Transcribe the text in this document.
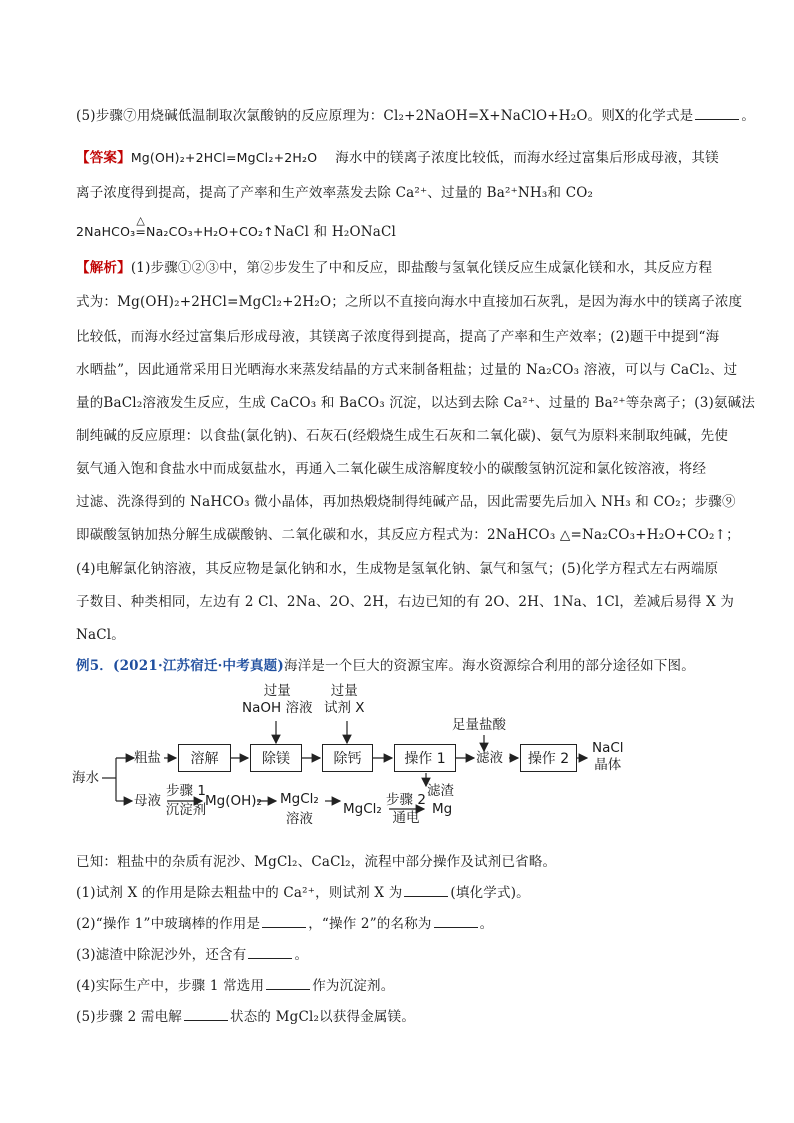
(5)步骤⑦用烧碱低温制取次氯酸钠的反应原理为：Cl₂+2NaOH=X+NaClO+H₂O。则X的化学式是	。
【答案】Mg(OH)₂+2HCl=MgCl₂+2H₂O 海水中的镁离子浓度比较低，而海水经过富集后形成母液，其镁
离子浓度得到提高，提高了产率和生产效率蒸发去除 Ca²⁺、过量的 Ba²⁺NH₃和 CO₂
2NaHCO₃
△
=Na₂CO₃+H₂O+CO₂↑NaCl 和 H₂ONaCl
【解析】(1)步骤①②③中，第②步发生了中和反应，即盐酸与氢氧化镁反应生成氯化镁和水，其反应方程
式为：Mg(OH)₂+2HCl=MgCl₂+2H₂O；之所以不直接向海水中直接加石灰乳，是因为海水中的镁离子浓度
比较低，而海水经过富集后形成母液，其镁离子浓度得到提高，提高了产率和生产效率；(2)题干中提到“海
水晒盐”，因此通常采用日光晒海水来蒸发结晶的方式来制备粗盐；过量的 Na₂CO₃ 溶液，可以与 CaCl₂、过
量的BaCl₂溶液发生反应，生成 CaCO₃ 和 BaCO₃ 沉淀，以达到去除 Ca²⁺、过量的 Ba²⁺等杂离子；(3)氨碱法
制纯碱的反应原理：以食盐(氯化钠)、石灰石(经煅烧生成生石灰和二氧化碳)、氨气为原料来制取纯碱，先使
氨气通入饱和食盐水中而成氨盐水，再通入二氧化碳生成溶解度较小的碳酸氢钠沉淀和氯化铵溶液，将经
过滤、洗涤得到的 NaHCO₃ 微小晶体，再加热煅烧制得纯碱产品，因此需要先后加入 NH₃ 和 CO₂；步骤⑨
即碳酸氢钠加热分解生成碳酸钠、二氧化碳和水，其反应方程式为：2NaHCO₃ △=Na₂CO₃+H₂O+CO₂↑；
(4)电解氯化钠溶液，其反应物是氯化钠和水，生成物是氢氧化钠、氯气和氢气；(5)化学方程式左右两端原
子数目、种类相同，左边有 2 Cl、2Na、2O、2H，右边已知的有 2O、2H、1Na、1Cl，差减后易得 X 为
NaCl。
例5．(2021·江苏宿迁·中考真题)海洋是一个巨大的资源宝库。海水资源综合利用的部分途径如下图。
海水
粗盐	溶解	除镁	除钙	操作 1	滤液	操作 2
NaCl
晶体
过量
NaOH 溶液
过量
试剂 X
足量盐酸
滤渣
母液
步骤 1
沉淀剂
Mg(OH)₂ MgCl₂
溶液
MgCl₂
步骤 2
通电
Mg
已知：粗盐中的杂质有泥沙、MgCl₂、CaCl₂，流程中部分操作及试剂已省略。
(1)试剂 X 的作用是除去粗盐中的 Ca²⁺，则试剂 X 为	(填化学式)。
(2)“操作 1”中玻璃棒的作用是	，“操作 2”的名称为	。
(3)滤渣中除泥沙外，还含有	。
(4)实际生产中，步骤 1 常选用	作为沉淀剂。
(5)步骤 2 需电解	状态的 MgCl₂以获得金属镁。
